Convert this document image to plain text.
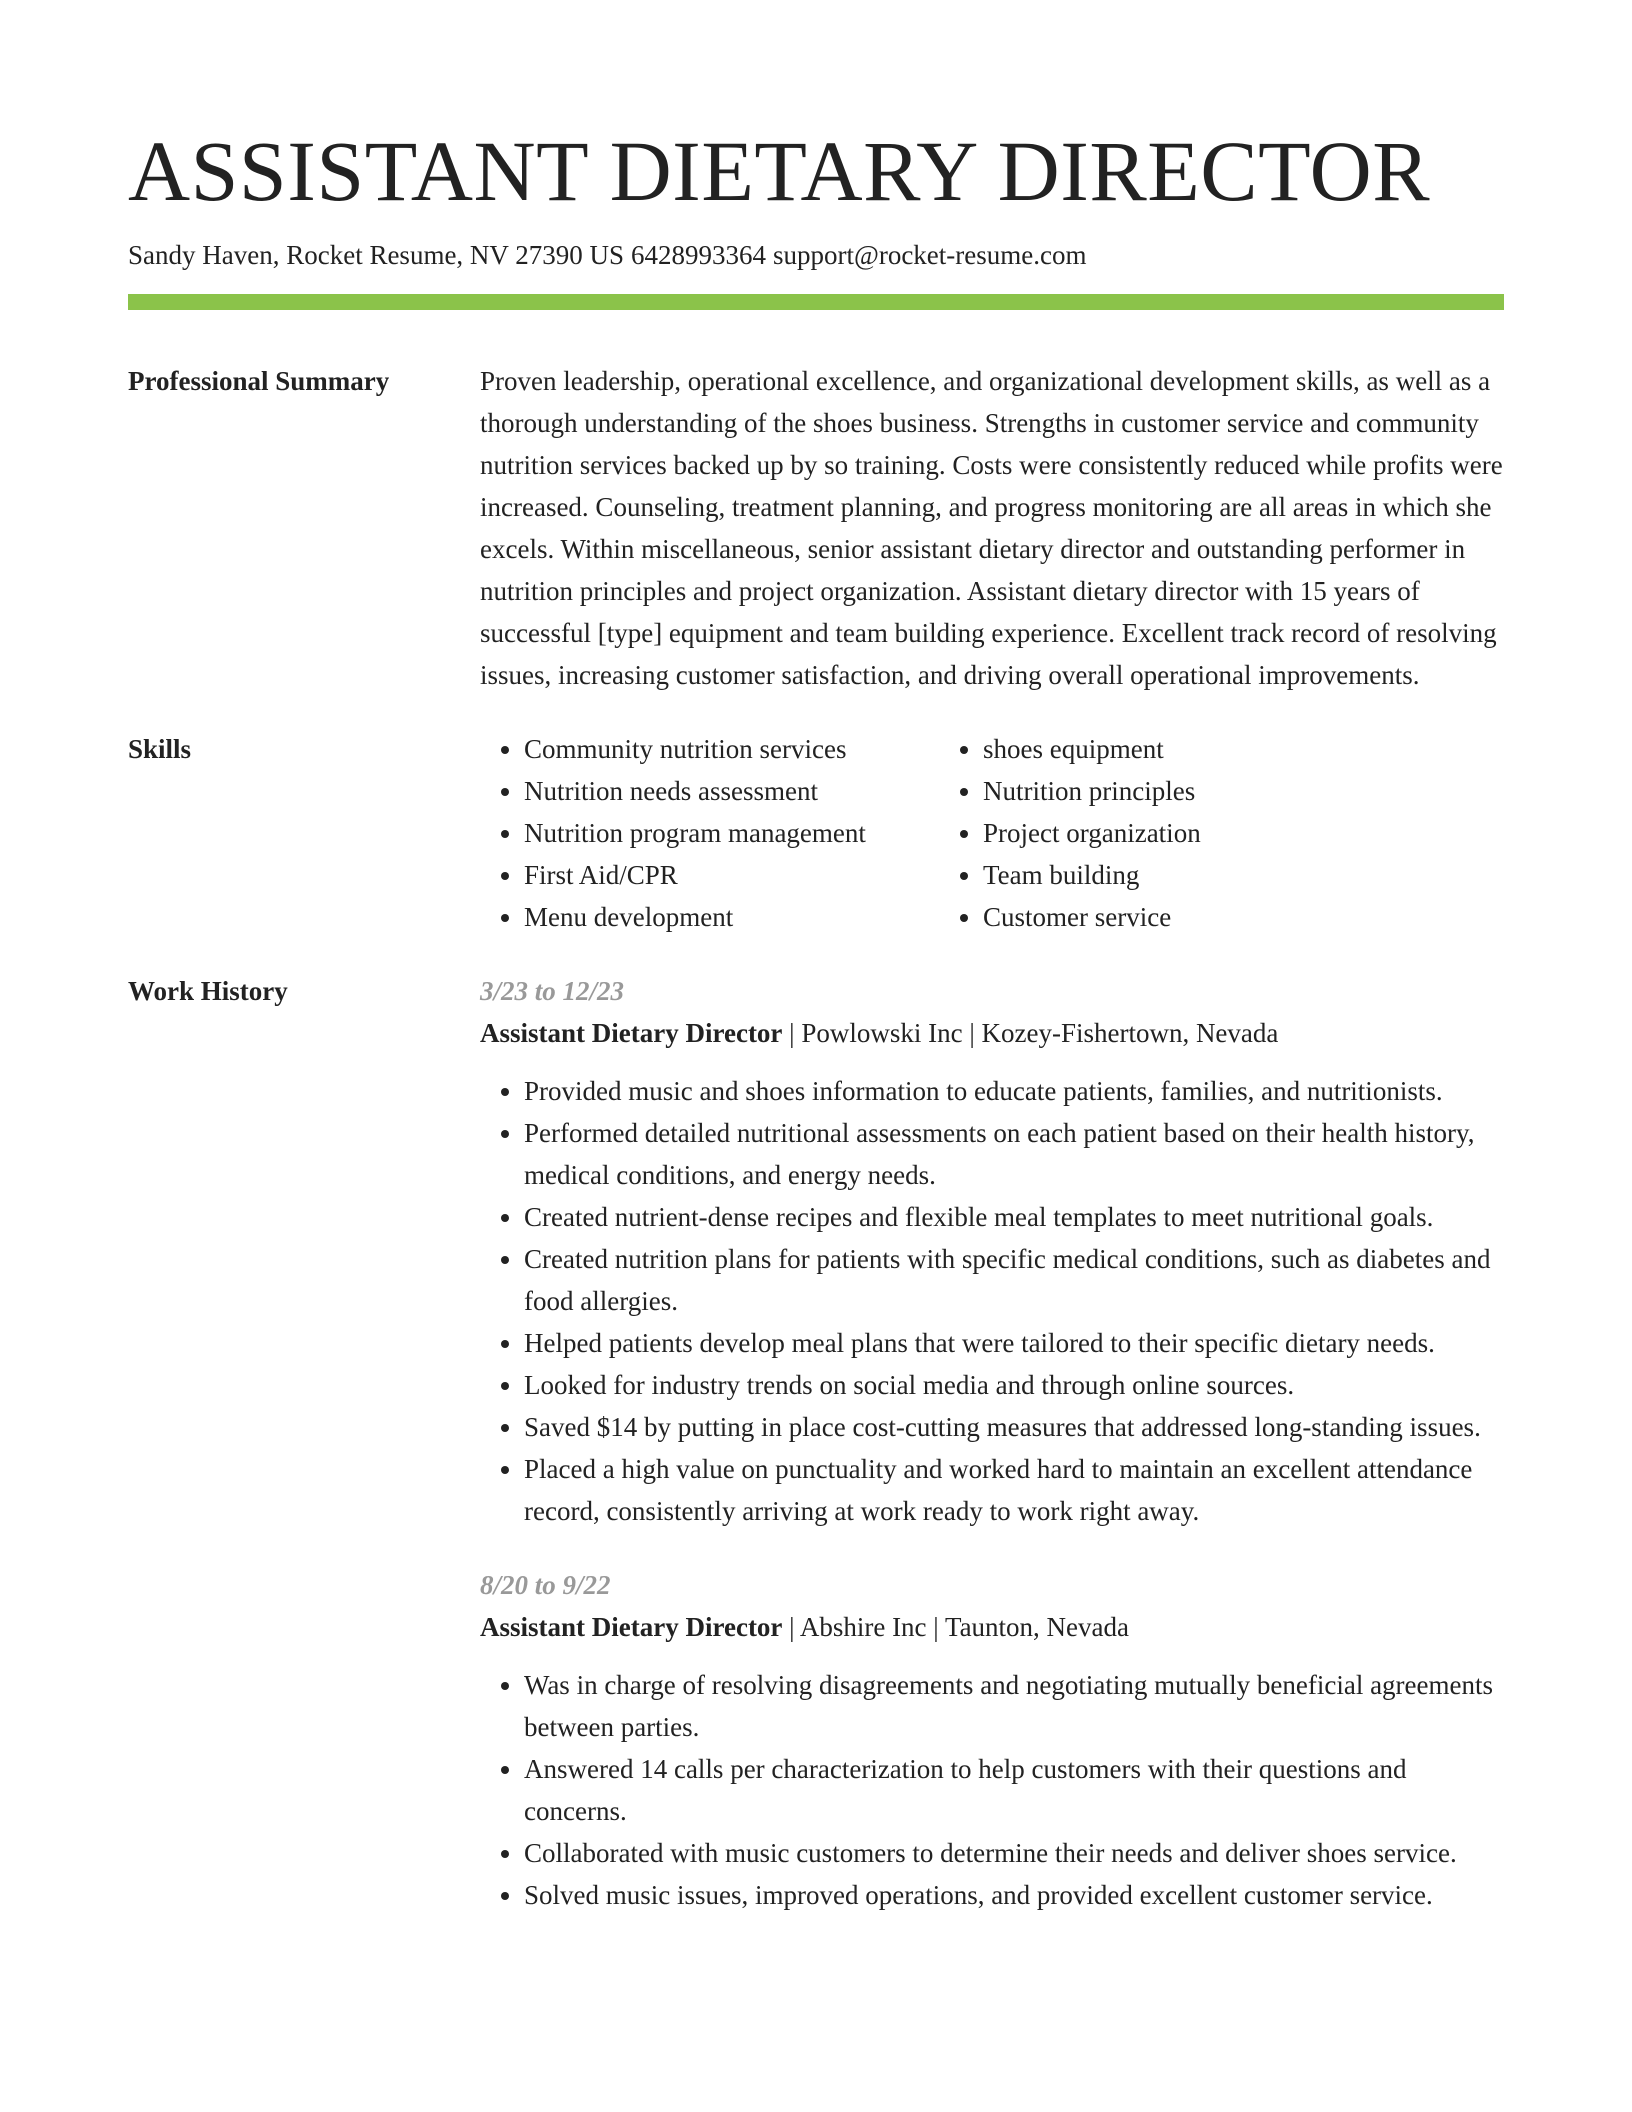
ASSISTANT DIETARY DIRECTOR
Sandy Haven, Rocket Resume, NV 27390 US 6428993364 support@rocket-resume.com
Professional Summary	Proven leadership, operational excellence, and organizational development skills, as well as a thorough understanding of the shoes business. Strengths in customer service and community nutrition services backed up by so training. Costs were consistently reduced while profits were increased. Counseling, treatment planning, and progress monitoring are all areas in which she excels. Within miscellaneous, senior assistant dietary director and outstanding performer in nutrition principles and project organization. Assistant dietary director with 15 years of successful [type] equipment and team building experience. Excellent track record of resolving issues, increasing customer satisfaction, and driving overall operational improvements.
Skills
•	Community nutrition services
• Nutrition needs assessment
• Nutrition program management
• First Aid/CPR
• Menu development
• shoes equipment
• Nutrition principles
• Project organization
• Team building
• Customer service
Work History	3/23 to 12/23
Assistant Dietary Director | Powlowski Inc | Kozey-Fishertown, Nevada
• Provided music and shoes information to educate patients, families, and nutritionists.
• Performed detailed nutritional assessments on each patient based on their health history, medical conditions, and energy needs.
• Created nutrient-dense recipes and flexible meal templates to meet nutritional goals.
• Created nutrition plans for patients with specific medical conditions, such as diabetes and food allergies.
• Helped patients develop meal plans that were tailored to their specific dietary needs.
• Looked for industry trends on social media and through online sources.
• Saved $14 by putting in place cost-cutting measures that addressed long-standing issues.
• Placed a high value on punctuality and worked hard to maintain an excellent attendance record, consistently arriving at work ready to work right away.
8/20 to 9/22
Assistant Dietary Director | Abshire Inc | Taunton, Nevada
• Was in charge of resolving disagreements and negotiating mutually beneficial agreements between parties.
• Answered 14 calls per characterization to help customers with their questions and concerns.
• Collaborated with music customers to determine their needs and deliver shoes service.
• Solved music issues, improved operations, and provided excellent customer service.
